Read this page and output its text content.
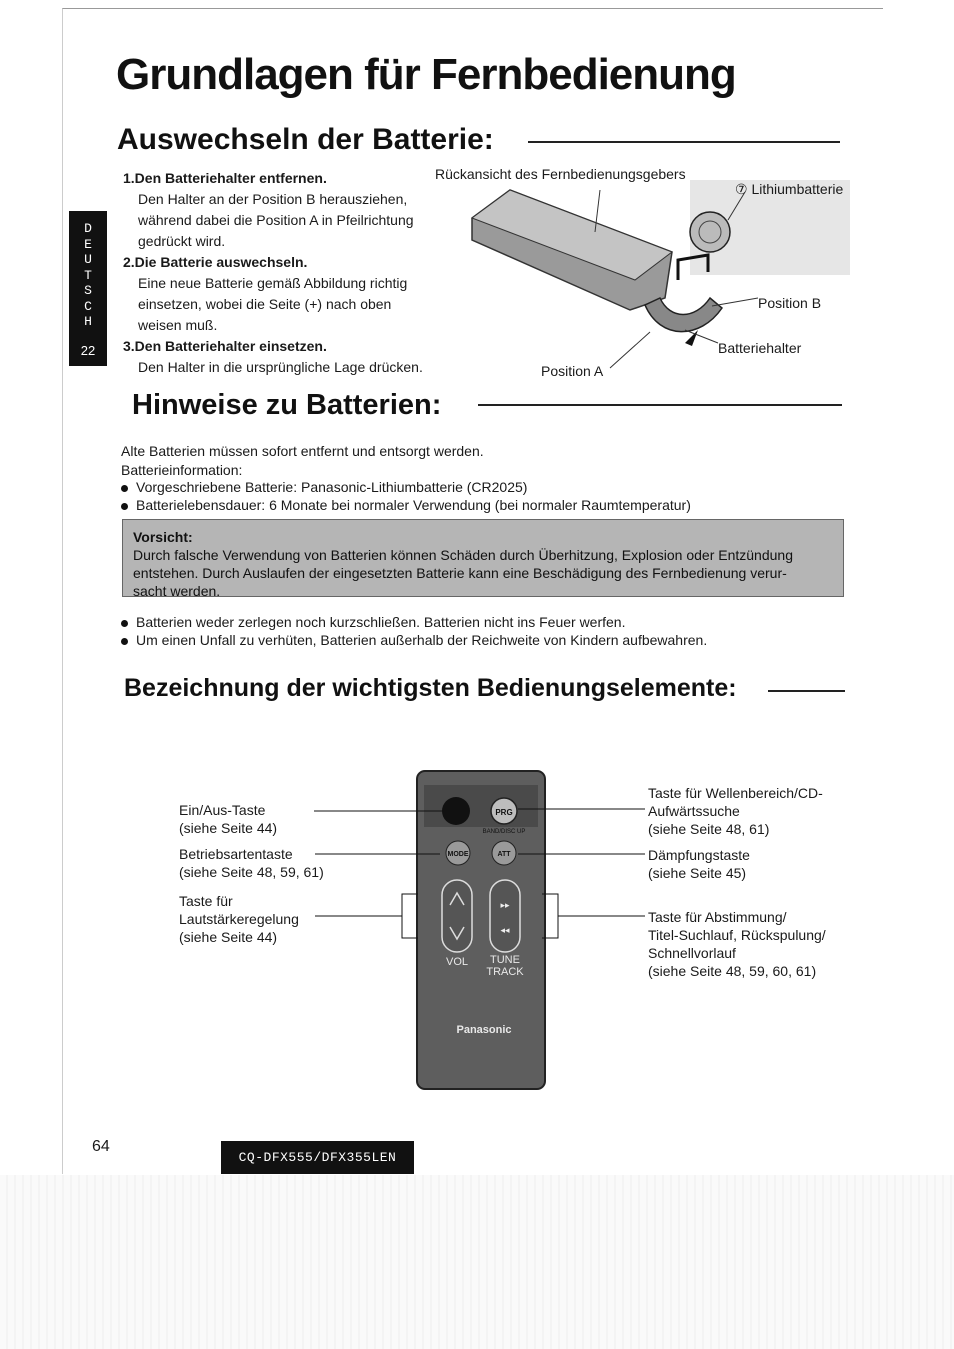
Grundlagen für Fernbedienung
DEUTSCH
22
Auswechseln der Batterie:
1.Den Batteriehalter entfernen.
Den Halter an der Position B herausziehen,
während dabei die Position A in Pfeilrichtung
gedrückt wird.
2.Die Batterie auswechseln.
Eine neue Batterie gemäß Abbildung richtig
einsetzen, wobei die Seite (+) nach oben
weisen muß.
3.Den Batteriehalter einsetzen.
Den Halter in die ursprüngliche Lage drücken.
Rückansicht des Fernbedienungsgebers
⑦ Lithiumbatterie
Position B
Batteriehalter
Position A
Hinweise zu Batterien:
Alte Batterien müssen sofort entfernt und entsorgt werden.
Batterieinformation:
Vorgeschriebene Batterie: Panasonic-Lithiumbatterie (CR2025)
Batterielebensdauer: 6 Monate bei normaler Verwendung (bei normaler Raumtemperatur)
Vorsicht:
Durch falsche Verwendung von Batterien können Schäden durch Überhitzung, Explosion oder Entzündung
entstehen. Durch Auslaufen der eingesetzten Batterie kann eine Beschädigung des Fernbedienung verur-
sacht werden.
Batterien weder zerlegen noch kurzschließen. Batterien nicht ins Feuer werfen.
Um einen Unfall zu verhüten, Batterien außerhalb der Reichweite von Kindern aufbewahren.
Bezeichnung der wichtigsten Bedienungselemente:
PRG
BAND/DISC UP
MODE	ATT
▸▸
◂◂
VOL TUNE
TRACK
Panasonic
Ein/Aus-Taste
(siehe Seite 44)
Betriebsartentaste
(siehe Seite 48, 59, 61)
Taste für
Lautstärkeregelung
(siehe Seite 44)
Taste für Wellenbereich/CD-
Aufwärtssuche
(siehe Seite 48, 61)
Dämpfungstaste
(siehe Seite 45)
Taste für Abstimmung/
Titel-Suchlauf, Rückspulung/
Schnellvorlauf
(siehe Seite 48, 59, 60, 61)
64
CQ-DFX555/DFX355LEN
